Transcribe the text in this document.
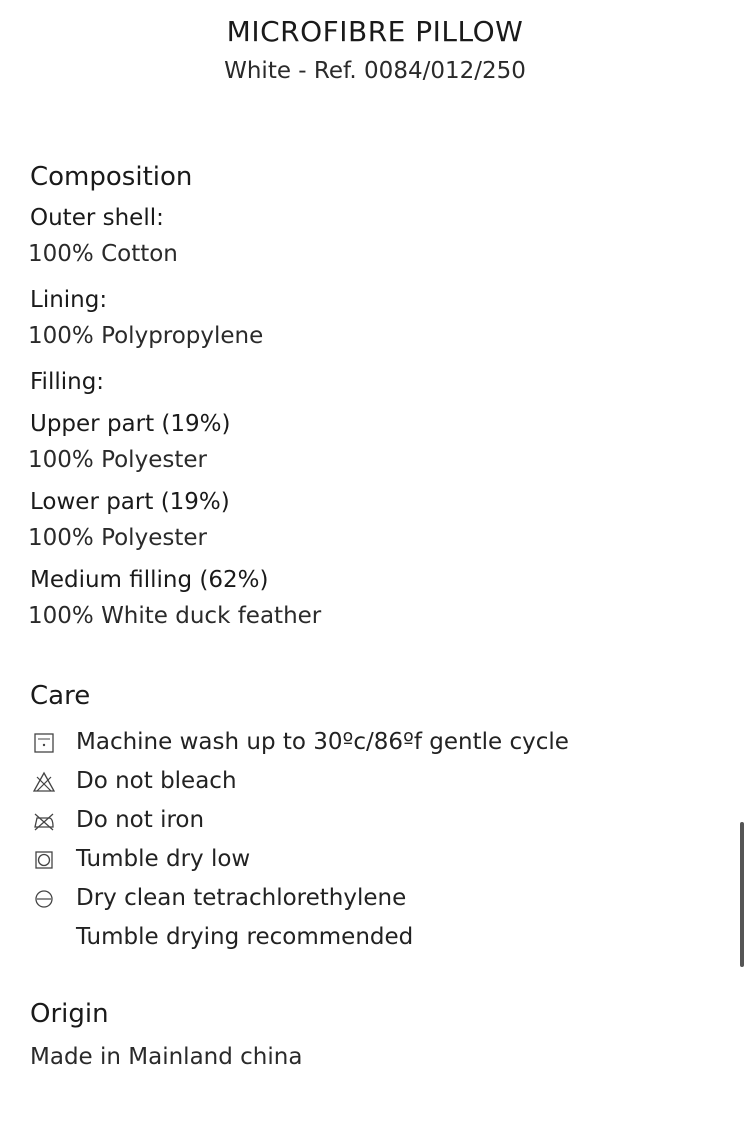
MICROFIBRE PILLOW
White - Ref. 0084/012/250
Composition
Outer shell:
100% Cotton
Lining:
100% Polypropylene
Filling:
Upper part (19%)
100% Polyester
Lower part (19%)
100% Polyester
Medium filling (62%)
100% White duck feather
Care
Machine wash up to 30ºc/86ºf gentle cycle
Do not bleach
Do not iron
Tumble dry low
Dry clean tetrachlorethylene
Tumble drying recommended
Origin
Made in Mainland china
